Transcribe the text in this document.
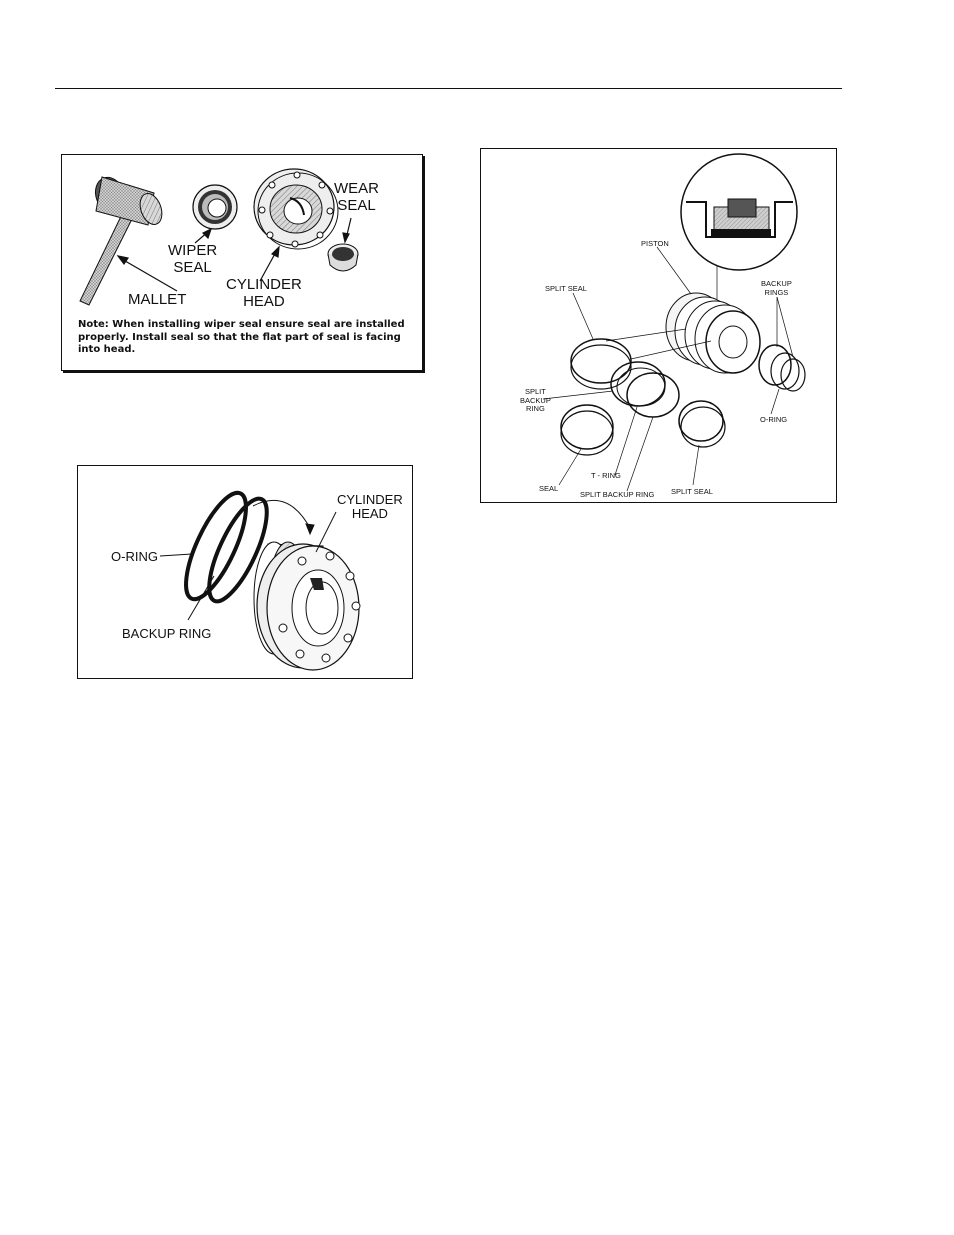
WEAR
SEAL
WIPER
SEAL
CYLINDER
HEAD
MALLET
Note: When installing wiper seal ensure seal are installed properly. Install seal so that the flat part of seal is facing into head.
CYLINDER
HEAD
O-RING
BACKUP RING
PISTON
SPLIT SEAL
BACKUP
RINGS
SPLIT
BACKUP
RING
O-RING
SEAL
T - RING
SPLIT BACKUP RING SPLIT SEAL
